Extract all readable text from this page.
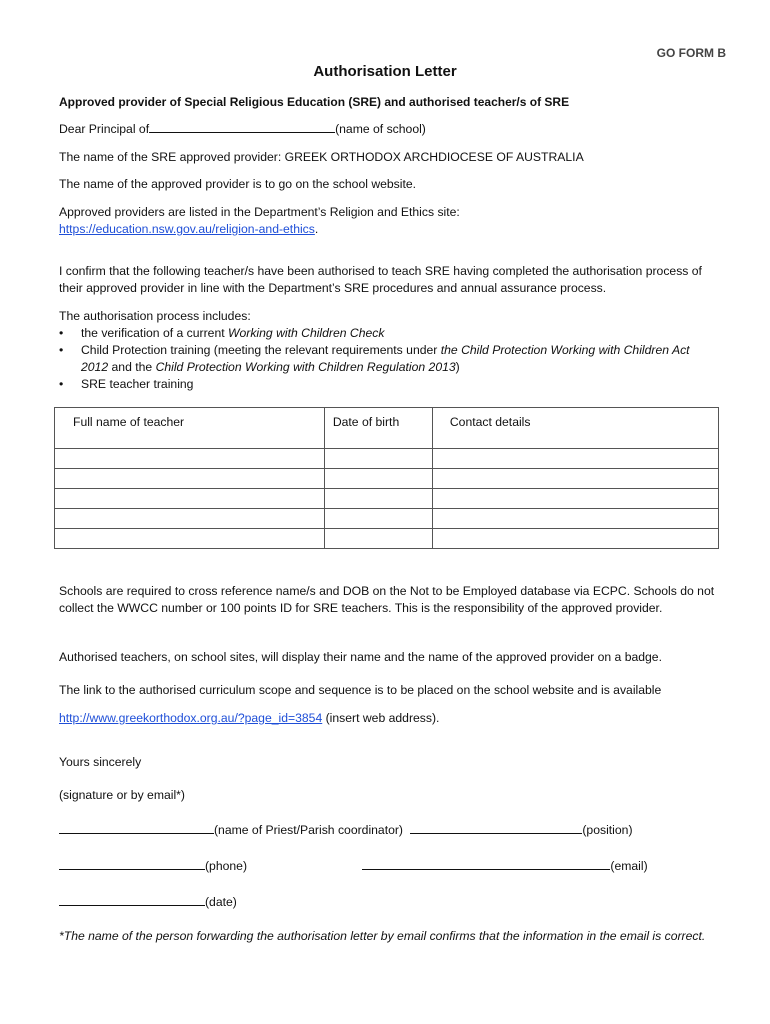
GO FORM B
Authorisation Letter
Approved provider of Special Religious Education (SRE) and authorised teacher/s of SRE
Dear Principal of	(name of school)
The name of the SRE approved provider: GREEK ORTHODOX ARCHDIOCESE OF AUSTRALIA
The name of the approved provider is to go on the school website.
Approved providers are listed in the Department’s Religion and Ethics site:
https://education.nsw.gov.au/religion-and-ethics.
I confirm that the following teacher/s have been authorised to teach SRE having completed the authorisation process of their approved provider in line with the Department’s SRE procedures and annual assurance process.
The authorisation process includes:
• the verification of a current Working with Children Check
• Child Protection training (meeting the relevant requirements under the Child Protection Working with Children Act 2012 and the Child Protection Working with Children Regulation 2013)
• SRE teacher training
Full name of teacher	Date of birth	Contact details

Schools are required to cross reference name/s and DOB on the Not to be Employed database via ECPC. Schools do not collect the WWCC number or 100 points ID for SRE teachers. This is the responsibility of the approved provider.
Authorised teachers, on school sites, will display their name and the name of the approved provider on a badge.
The link to the authorised curriculum scope and sequence is to be placed on the school website and is available
http://www.greekorthodox.org.au/?page_id=3854 (insert web address).
Yours sincerely
(signature or by email*)
(name of Priest/Parish coordinator)	(position)
(phone)	(email)
(date)
*The name of the person forwarding the authorisation letter by email confirms that the information in the email is correct.
